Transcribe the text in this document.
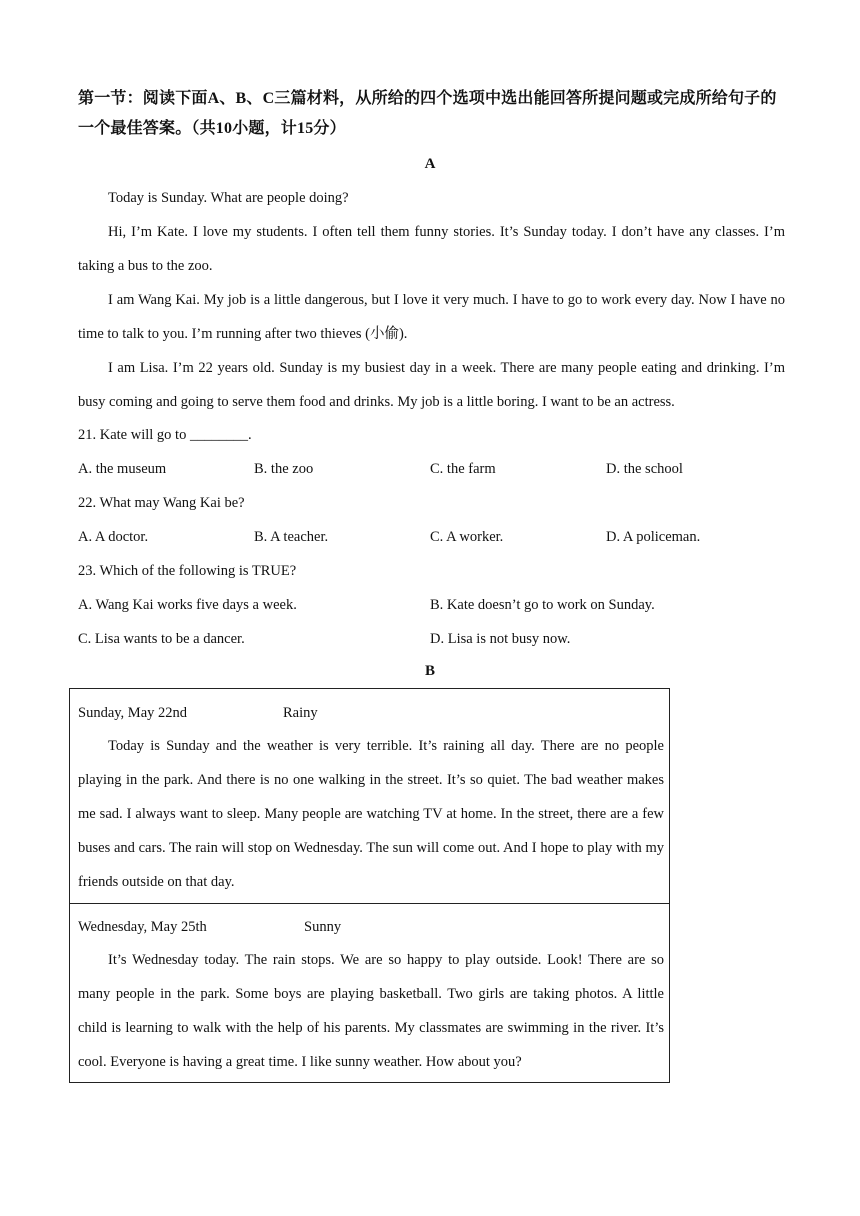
第一节：阅读下面A、B、C三篇材料，从所给的四个选项中选出能回答所提问题或完成所给句子的一个最佳答案。（共10小题，计15分）
A
Today is Sunday. What are people doing?
Hi, I’m Kate. I love my students. I often tell them funny stories. It’s Sunday today. I don’t have any classes. I’m taking a bus to the zoo.
I am Wang Kai. My job is a little dangerous, but I love it very much. I have to go to work every day. Now I have no time to talk to you. I’m running after two thieves (小偷).
I am Lisa. I’m 22 years old. Sunday is my busiest day in a week. There are many people eating and drinking. I’m busy coming and going to serve them food and drinks. My job is a little boring. I want to be an actress.
21. Kate will go to ________.
A. the museum	B. the zoo	C. the farm	D. the school
22. What may Wang Kai be?
A. A doctor.	B. A teacher.	C. A worker.	D. A policeman.
23. Which of the following is TRUE?
A. Wang Kai works five days a week.	B. Kate doesn’t go to work on Sunday.
C. Lisa wants to be a dancer.	D. Lisa is not busy now.
B
Sunday, May 22nd	Rainy
Today is Sunday and the weather is very terrible. It’s raining all day. There are no people playing in the park. And there is no one walking in the street. It’s so quiet. The bad weather makes me sad. I always want to sleep. Many people are watching TV at home. In the street, there are a few buses and cars. The rain will stop on Wednesday. The sun will come out. And I hope to play with my friends outside on that day.
Wednesday, May 25th	Sunny
It’s Wednesday today. The rain stops. We are so happy to play outside. Look! There are so many people in the park. Some boys are playing basketball. Two girls are taking photos. A little child is learning to walk with the help of his parents. My classmates are swimming in the river. It’s cool. Everyone is having a great time. I like sunny weather. How about you?
